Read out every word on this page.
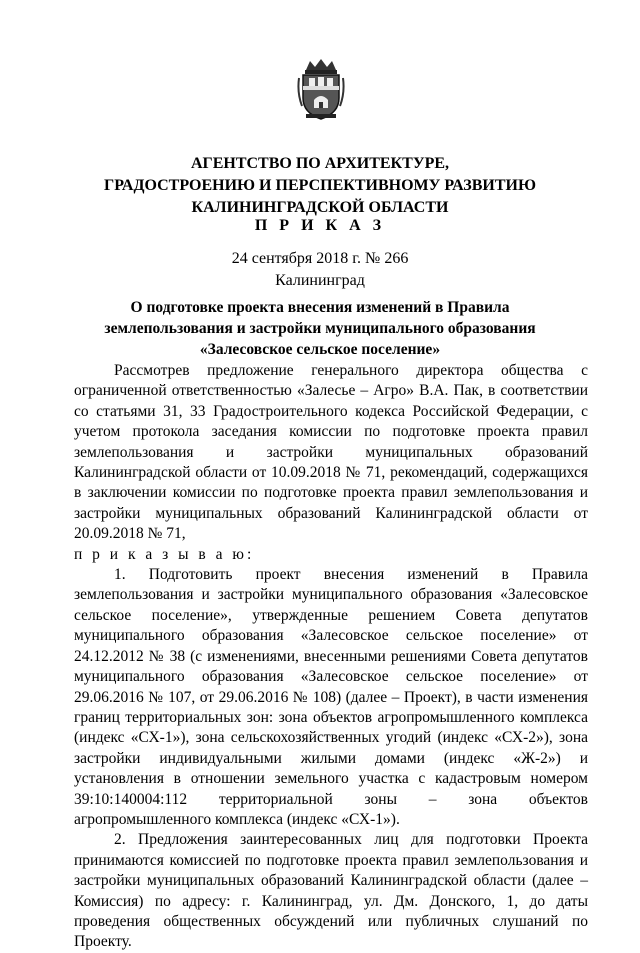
АГЕНТСТВО ПО АРХИТЕКТУРЕ,
ГРАДОСТРОЕНИЮ И ПЕРСПЕКТИВНОМУ РАЗВИТИЮ
КАЛИНИНГРАДСКОЙ ОБЛАСТИ
П Р И К А З
24 сентября 2018 г. № 266
Калининград
О подготовке проекта внесения изменений в Правила
землепользования и застройки муниципального образования
«Залесовское сельское поселение»

Рассмотрев предложение генерального директора общества с ограниченной ответственностью «Залесье – Агро» В.А. Пак, в соответствии со статьями 31, 33 Градостроительного кодекса Российской Федерации, с учетом протокола заседания комиссии по подготовке проекта правил землепользования и застройки муниципальных образований Калининградской области от 10.09.2018 № 71, рекомендаций, содержащихся в заключении комиссии по подготовке проекта правил землепользования и застройки муниципальных образований Калининградской области от 20.09.2018 № 71,

п р и к а з ы в а ю:

1. Подготовить проект внесения изменений в Правила землепользования и застройки муниципального образования «Залесовское сельское поселение», утвержденные решением Совета депутатов муниципального образования «Залесовское сельское поселение» от 24.12.2012 № 38 (с изменениями, внесенными решениями Совета депутатов муниципального образования «Залесовское сельское поселение» от 29.06.2016 № 107, от 29.06.2016 № 108) (далее – Проект), в части изменения границ территориальных зон: зона объектов агропромышленного комплекса (индекс «СХ-1»), зона сельскохозяйственных угодий (индекс «СХ-2»), зона застройки индивидуальными жилыми домами (индекс «Ж-2») и установления в отношении земельного участка с кадастровым номером 39:10:140004:112 территориальной зоны – зона объектов агропромышленного комплекса (индекс «СХ-1»).

2. Предложения заинтересованных лиц для подготовки Проекта принимаются комиссией по подготовке проекта правил землепользования и застройки муниципальных образований Калининградской области (далее – Комиссия) по адресу: г. Калининград, ул. Дм. Донского, 1, до даты проведения общественных обсуждений или публичных слушаний по Проекту.
